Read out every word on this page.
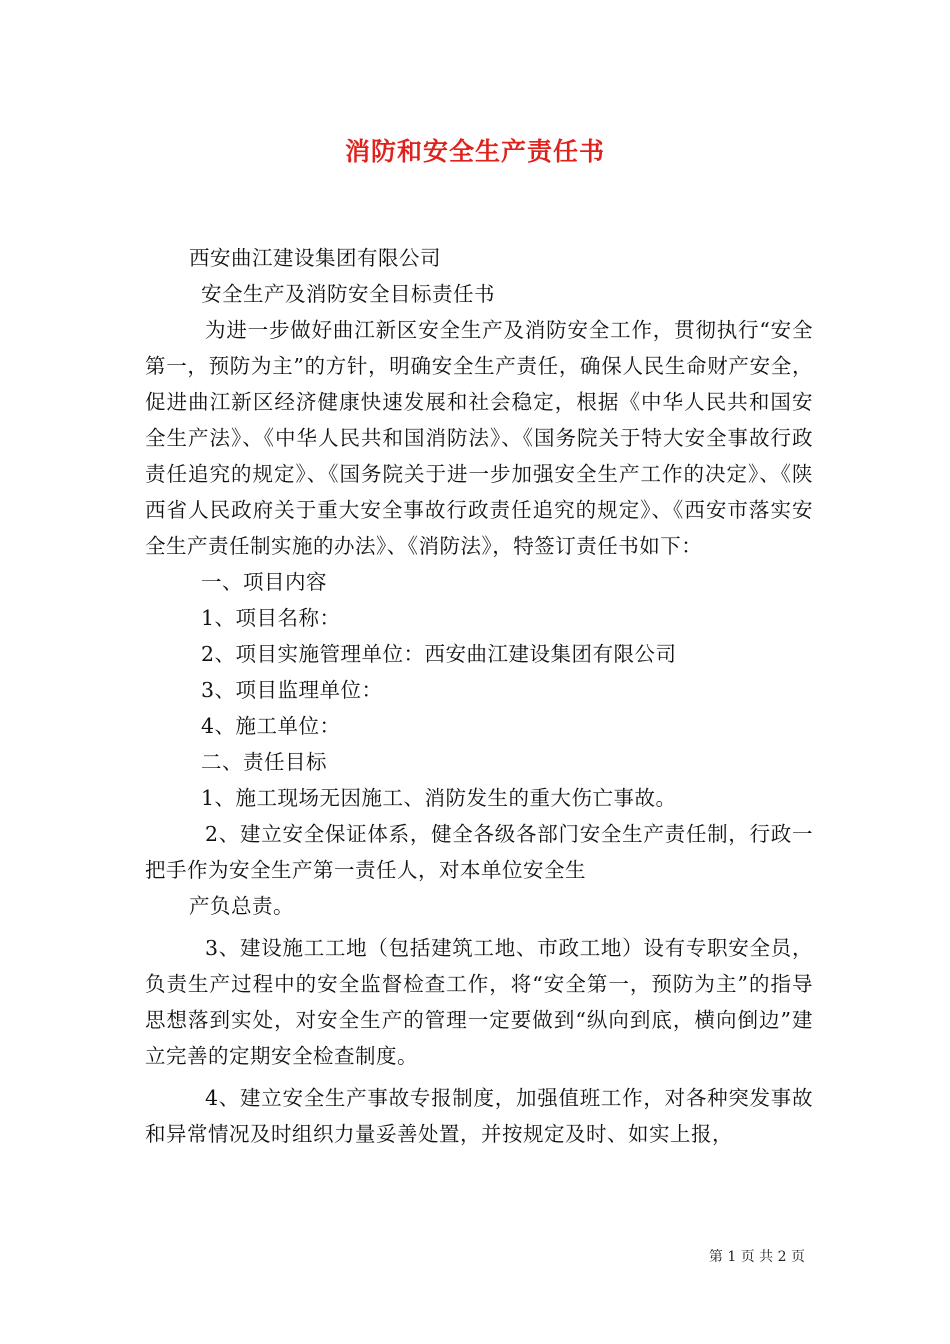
消防和安全生产责任书

西安曲江建设集团有限公司

安全生产及消防安全目标责任书

为进一步做好曲江新区安全生产及消防安全工作，贯彻执行“安全第一，预防为主”的方针，明确安全生产责任，确保人民生命财产安全，促进曲江新区经济健康快速发展和社会稳定，根据《中华人民共和国安全生产法》、《中华人民共和国消防法》、《国务院关于特大安全事故行政责任追究的规定》、《国务院关于进一步加强安全生产工作的决定》、《陕西省人民政府关于重大安全事故行政责任追究的规定》、《西安市落实安全生产责任制实施的办法》、《消防法》，特签订责任书如下：

一、项目内容

1、项目名称：

2、项目实施管理单位：西安曲江建设集团有限公司

3、项目监理单位：

4、施工单位：

二、责任目标

1、施工现场无因施工、消防发生的重大伤亡事故。

2、建立安全保证体系，健全各级各部门安全生产责任制，行政一把手作为安全生产第一责任人，对本单位安全生

产负总责。

3、建设施工工地（包括建筑工地、市政工地）设有专职安全员，负责生产过程中的安全监督检查工作，将“安全第一，预防为主”的指导思想落到实处，对安全生产的管理一定要做到“纵向到底，横向倒边”建立完善的定期安全检查制度。

4、建立安全生产事故专报制度，加强值班工作，对各种突发事故和异常情况及时组织力量妥善处置，并按规定及时、如实上报，

第 1 页 共 2 页
